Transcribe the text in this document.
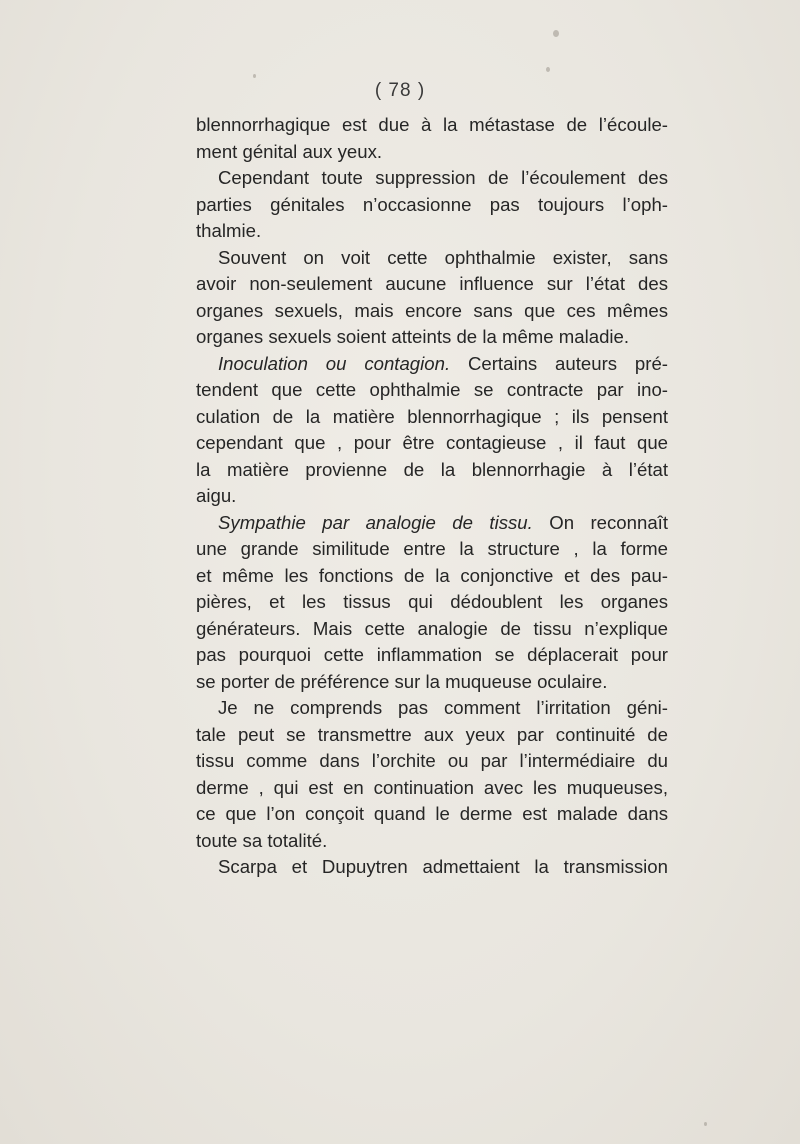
( 78 )

blennorrhagique est due à la métastase de l’écoule-

ment génital aux yeux.

Cependant toute suppression de l’écoulement des

parties génitales n’occasionne pas toujours l’oph-

thalmie.

Souvent on voit cette ophthalmie exister, sans

avoir non-seulement aucune influence sur l’état des

organes sexuels, mais encore sans que ces mêmes

organes sexuels soient atteints de la même maladie.

Inoculation ou contagion. Certains auteurs pré-

tendent que cette ophthalmie se contracte par ino-

culation de la matière blennorrhagique ; ils pensent

cependant que , pour être contagieuse , il faut que

la matière provienne de la blennorrhagie à l’état

aigu.

Sympathie par analogie de tissu. On reconnaît

une grande similitude entre la structure , la forme

et même les fonctions de la conjonctive et des pau-

pières, et les tissus qui dédoublent les organes

générateurs. Mais cette analogie de tissu n’explique

pas pourquoi cette inflammation se déplacerait pour

se porter de préférence sur la muqueuse oculaire.

Je ne comprends pas comment l’irritation géni-

tale peut se transmettre aux yeux par continuité de

tissu comme dans l’orchite ou par l’intermédiaire du

derme , qui est en continuation avec les muqueuses,

ce que l’on conçoit quand le derme est malade dans

toute sa totalité.

Scarpa et Dupuytren admettaient la transmission
